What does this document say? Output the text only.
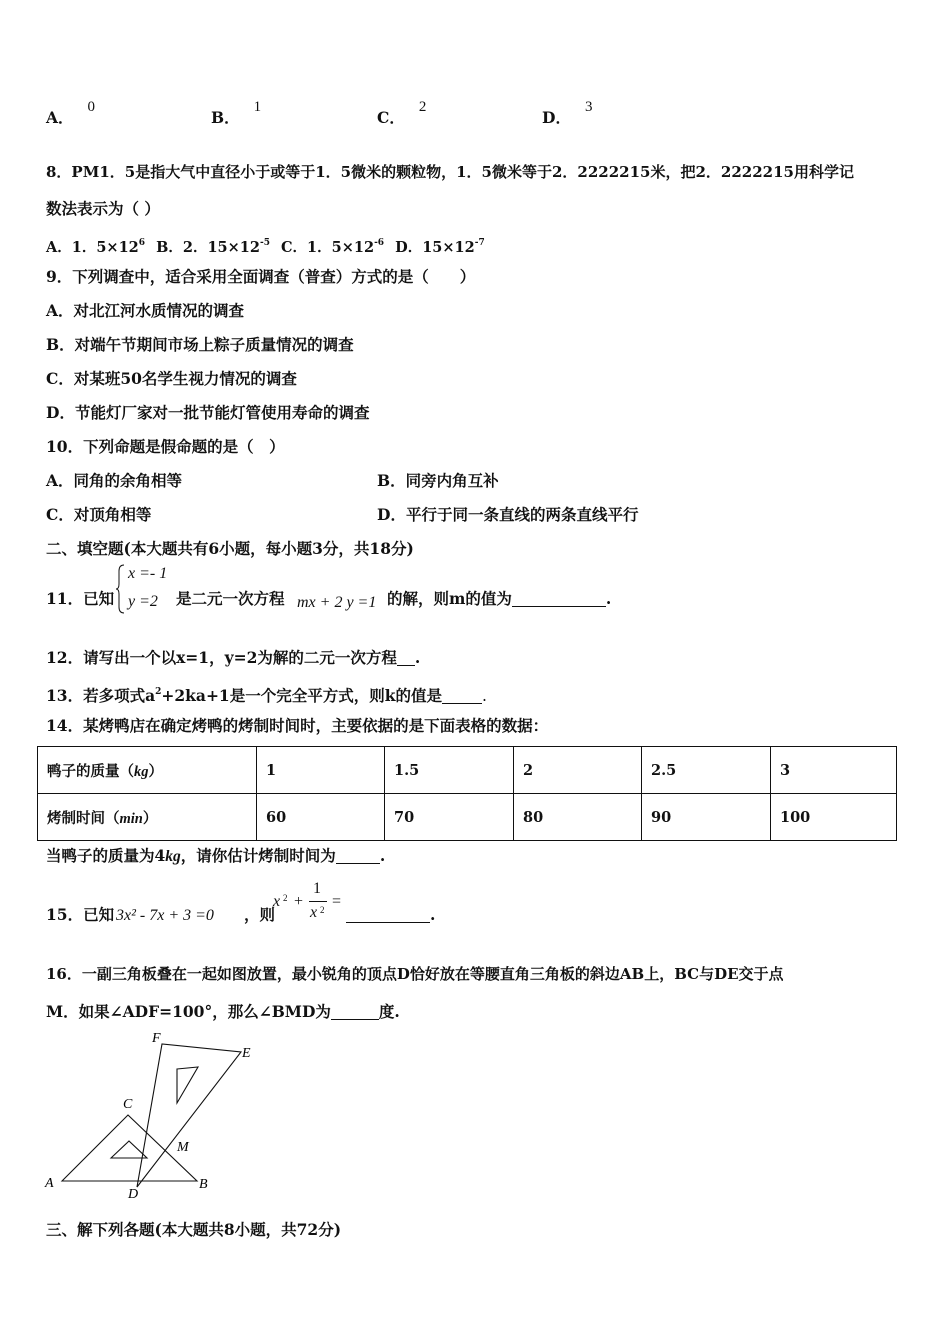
A．0
B．1
C．2
D．3
8．PM1．5是指大气中直径小于或等于1．5微米的颗粒物，1．5微米等于2．2222215米，把2．2222215用科学记
数法表示为（ ）
A．1．$5\times 12^6$ B．2．$15\times 12^{-5}$ C．1．$5\times 12^{-6}$ D．$15\times 12^{-7}$
9．下列调查中，适合采用全面调查（普查）方式的是（　　）
A．对北江河水质情况的调查
B．对端午节期间市场上粽子质量情况的调查
C．对某班50名学生视力情况的调查
D．节能灯厂家对一批节能灯管使用寿命的调查
10．下列命题是假命题的是（　）
A．同角的余角相等	B．同旁内角互补
C．对顶角相等	D．平行于同一条直线的两条直线平行
二、填空题(本大题共有6小题，每小题3分，共18分)
11．已知
x =- 1
y =2 是二元一次方程 mx + 2 y =1 的解，则m的值为	.
12．请写出一个以x=1，y=2为解的二元一次方程 .
13．若多项式$a^2+2ka+1$是一个完全平方式，则k的值是	.
14．某烤鸭店在确定烤鸭的烤制时间时，主要依据的是下面表格的数据：
鸭子的质量（kg）	1	1.5	2	2.5	3
烤制时间（min）	60	70	80	90	100
当鸭子的质量为4kg，请你估计烤制时间为	.
15．已知 3x² - 7x + 3 =0 ，则
x 2 +
1
x 2 =
.
16．一副三角板叠在一起如图放置，最小锐角的顶点D恰好放在等腰直角三角板的斜边AB上，BC与DE交于点
M．如果∠ADF=100°，那么∠BMD为	度.
F
E
C
M
A
D
B
三、解下列各题(本大题共8小题，共72分)
